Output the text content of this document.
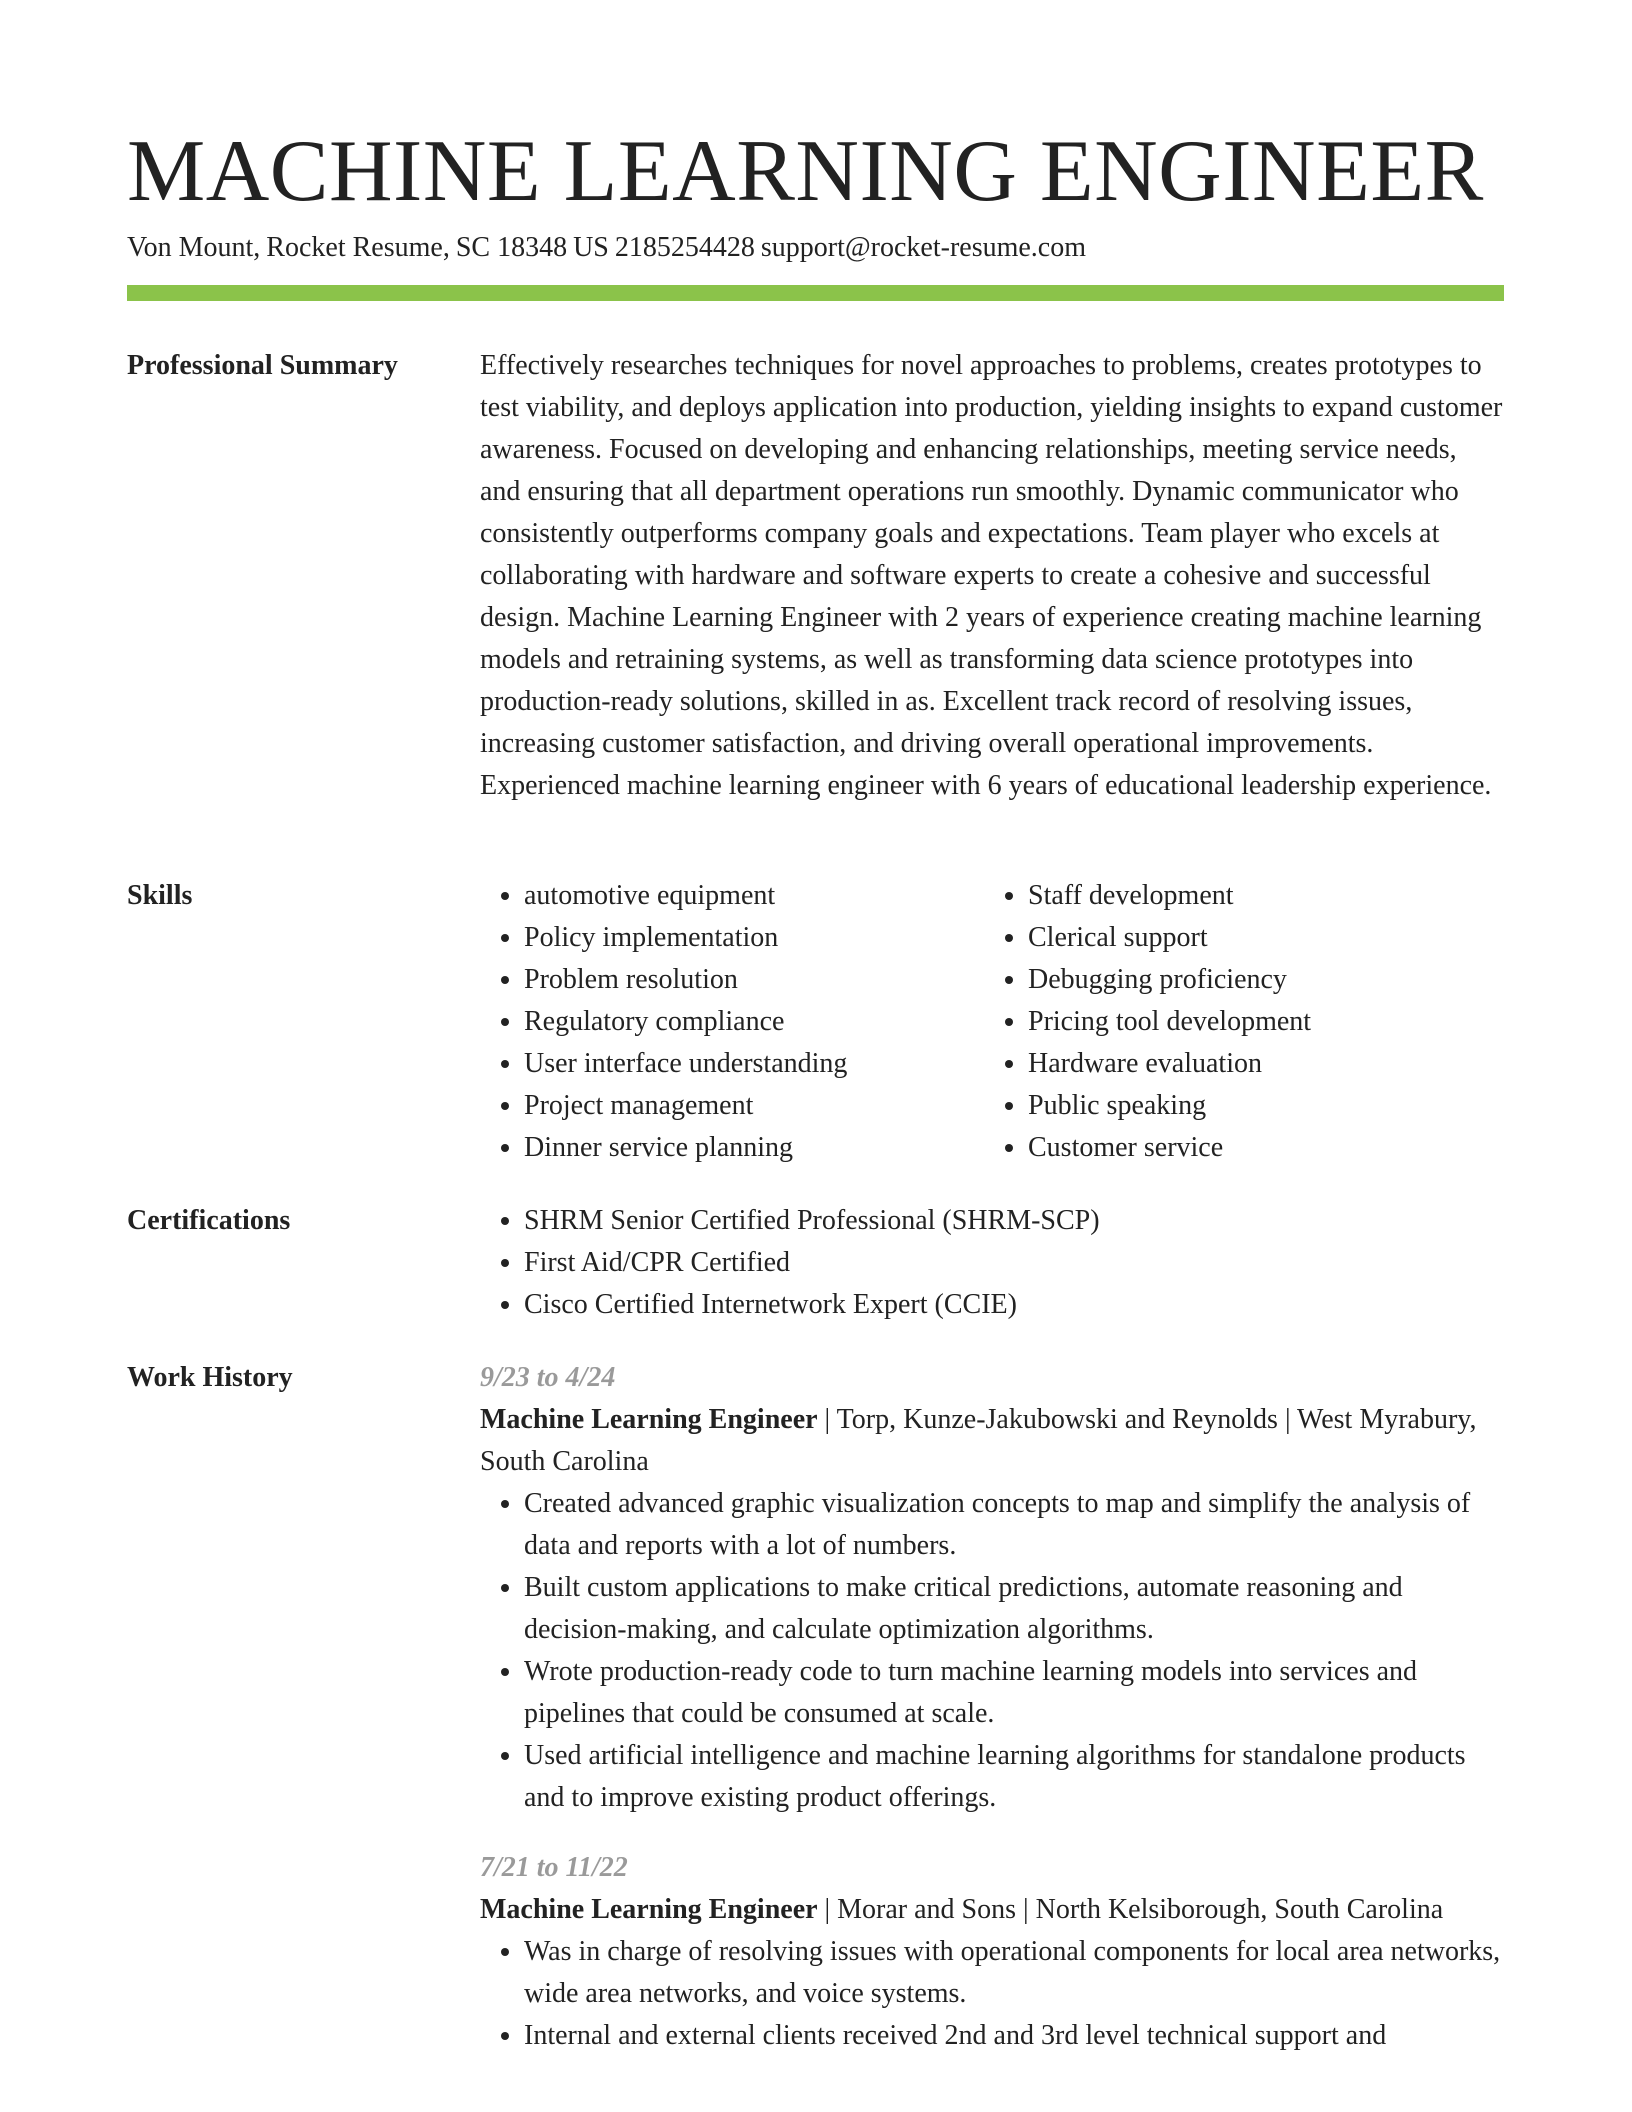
MACHINE LEARNING ENGINEER
Von Mount, Rocket Resume, SC 18348 US 2185254428 support@rocket-resume.com
Professional Summary	Effectively researches techniques for novel approaches to problems, creates prototypes to test viability, and deploys application into production, yielding insights to expand customer awareness. Focused on developing and enhancing relationships, meeting service needs, and ensuring that all department operations run smoothly. Dynamic communicator who consistently outperforms company goals and expectations. Team player who excels at collaborating with hardware and software experts to create a cohesive and successful design. Machine Learning Engineer with 2 years of experience creating machine learning models and retraining systems, as well as transforming data science prototypes into production-ready solutions, skilled in as. Excellent track record of resolving issues, increasing customer satisfaction, and driving overall operational improvements. Experienced machine learning engineer with 6 years of educational leadership experience.

Skills	• automotive equipment
• Policy implementation
• Problem resolution
• Regulatory compliance
• User interface understanding
• Project management
• Dinner service planning
• Staff development
• Clerical support
• Debugging proficiency
• Pricing tool development
• Hardware evaluation
• Public speaking
• Customer service
Certifications	• SHRM Senior Certified Professional (SHRM-SCP)
• First Aid/CPR Certified
• Cisco Certified Internetwork Expert (CCIE)
Work History	9/23 to 4/24
Machine Learning Engineer | Torp, Kunze-Jakubowski and Reynolds | West Myrabury, South Carolina
• Created advanced graphic visualization concepts to map and simplify the analysis of data and reports with a lot of numbers.
• Built custom applications to make critical predictions, automate reasoning and decision-making, and calculate optimization algorithms.
• Wrote production-ready code to turn machine learning models into services and pipelines that could be consumed at scale.
• Used artificial intelligence and machine learning algorithms for standalone products and to improve existing product offerings.
7/21 to 11/22
Machine Learning Engineer | Morar and Sons | North Kelsiborough, South Carolina
• Was in charge of resolving issues with operational components for local area networks, wide area networks, and voice systems.
• Internal and external clients received 2nd and 3rd level technical support and
